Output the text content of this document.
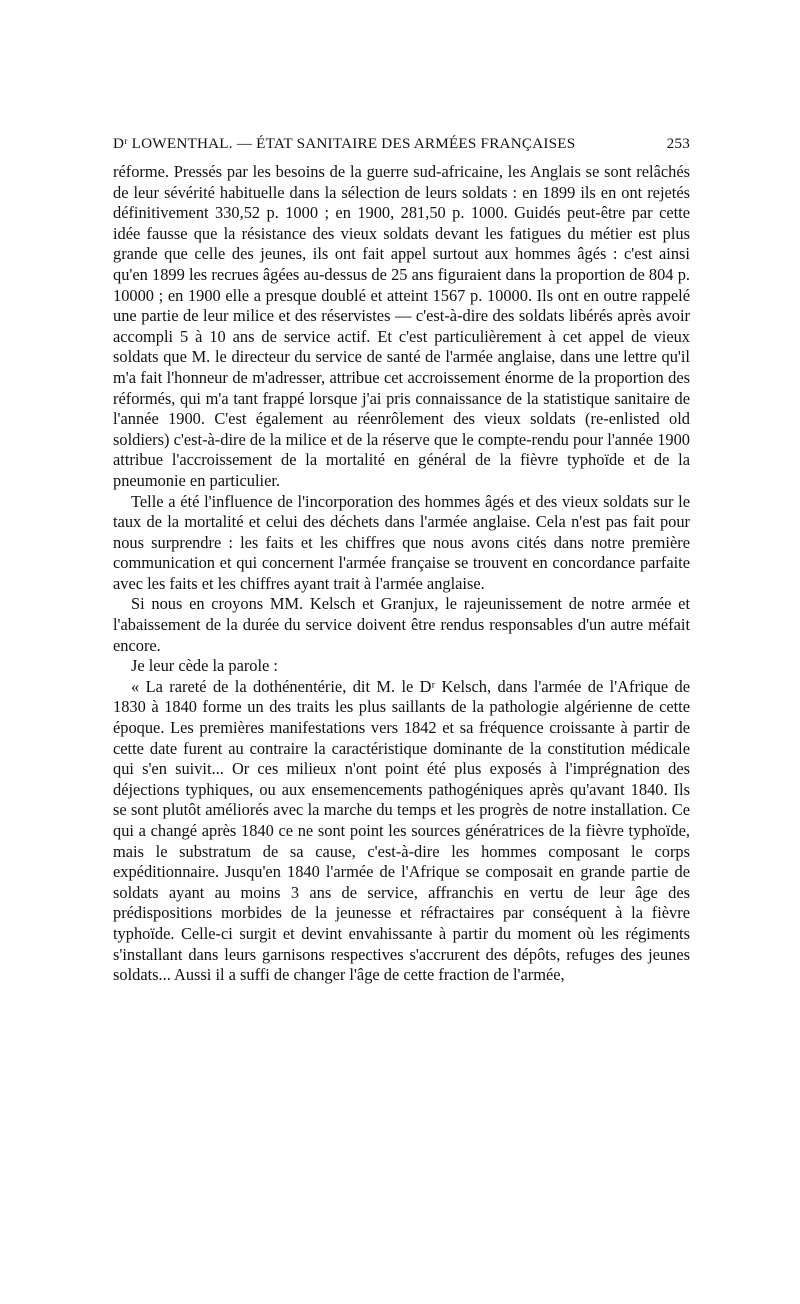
Dʳ LOWENTHAL. — ÉTAT SANITAIRE DES ARMÉES FRANÇAISES	253

réforme. Pressés par les besoins de la guerre sud-africaine, les Anglais se sont relâchés de leur sévérité habituelle dans la sélection de leurs soldats : en 1899 ils en ont rejetés définitivement 330,52 p. 1000 ; en 1900, 281,50 p. 1000. Guidés peut-être par cette idée fausse que la résistance des vieux soldats devant les fatigues du métier est plus grande que celle des jeunes, ils ont fait appel surtout aux hommes âgés : c'est ainsi qu'en 1899 les recrues âgées au-dessus de 25 ans figuraient dans la proportion de 804 p. 10000 ; en 1900 elle a presque doublé et atteint 1567 p. 10000. Ils ont en outre rappelé une partie de leur milice et des réservistes — c'est-à-dire des soldats libérés après avoir accompli 5 à 10 ans de service actif. Et c'est particulièrement à cet appel de vieux soldats que M. le directeur du service de santé de l'armée anglaise, dans une lettre qu'il m'a fait l'honneur de m'adresser, attribue cet accroissement énorme de la proportion des réformés, qui m'a tant frappé lorsque j'ai pris connaissance de la statistique sanitaire de l'année 1900. C'est également au réenrôlement des vieux soldats (re-enlisted old soldiers) c'est-à-dire de la milice et de la réserve que le compte-rendu pour l'année 1900 attribue l'accroissement de la mortalité en général de la fièvre typhoïde et de la pneumonie en particulier.

Telle a été l'influence de l'incorporation des hommes âgés et des vieux soldats sur le taux de la mortalité et celui des déchets dans l'armée anglaise. Cela n'est pas fait pour nous surprendre : les faits et les chiffres que nous avons cités dans notre première communication et qui concernent l'armée française se trouvent en concordance parfaite avec les faits et les chiffres ayant trait à l'armée anglaise.

Si nous en croyons MM. Kelsch et Granjux, le rajeunissement de notre armée et l'abaissement de la durée du service doivent être rendus responsables d'un autre méfait encore.

Je leur cède la parole :

« La rareté de la dothénentérie, dit M. le Dʳ Kelsch, dans l'armée de l'Afrique de 1830 à 1840 forme un des traits les plus saillants de la pathologie algérienne de cette époque. Les premières manifestations vers 1842 et sa fréquence croissante à partir de cette date furent au contraire la caractéristique dominante de la constitution médicale qui s'en suivit... Or ces milieux n'ont point été plus exposés à l'imprégnation des déjections typhiques, ou aux ensemencements pathogéniques après qu'avant 1840. Ils se sont plutôt améliorés avec la marche du temps et les progrès de notre installation. Ce qui a changé après 1840 ce ne sont point les sources génératrices de la fièvre typhoïde, mais le substratum de sa cause, c'est-à-dire les hommes composant le corps expéditionnaire. Jusqu'en 1840 l'armée de l'Afrique se composait en grande partie de soldats ayant au moins 3 ans de service, affranchis en vertu de leur âge des prédispositions morbides de la jeunesse et réfractaires par conséquent à la fièvre typhoïde. Celle-ci surgit et devint envahissante à partir du moment où les régiments s'installant dans leurs garnisons respectives s'accrurent des dépôts, refuges des jeunes soldats... Aussi il a suffi de changer l'âge de cette fraction de l'armée,
